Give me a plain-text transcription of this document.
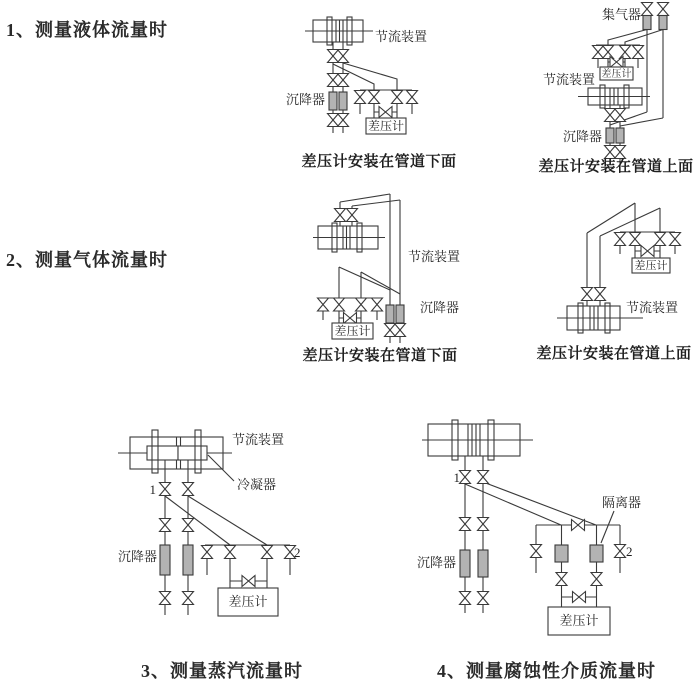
1、测量液体流量时
2、测量气体流量时
3、测量蒸汽流量时	4、测量腐蚀性介质流量时
差压计
节流装置
沉降器
差压计安装在管道下面
集气器
差压计
节流装置
沉降器
差压计安装在管道上面
差压计
节流装置
沉降器
差压计安装在管道下面
差压计
节流装置
差压计安装在管道上面
节流装置
冷凝器
1
沉降器	2
差压计
1
沉降器
2
隔离器
差压计
